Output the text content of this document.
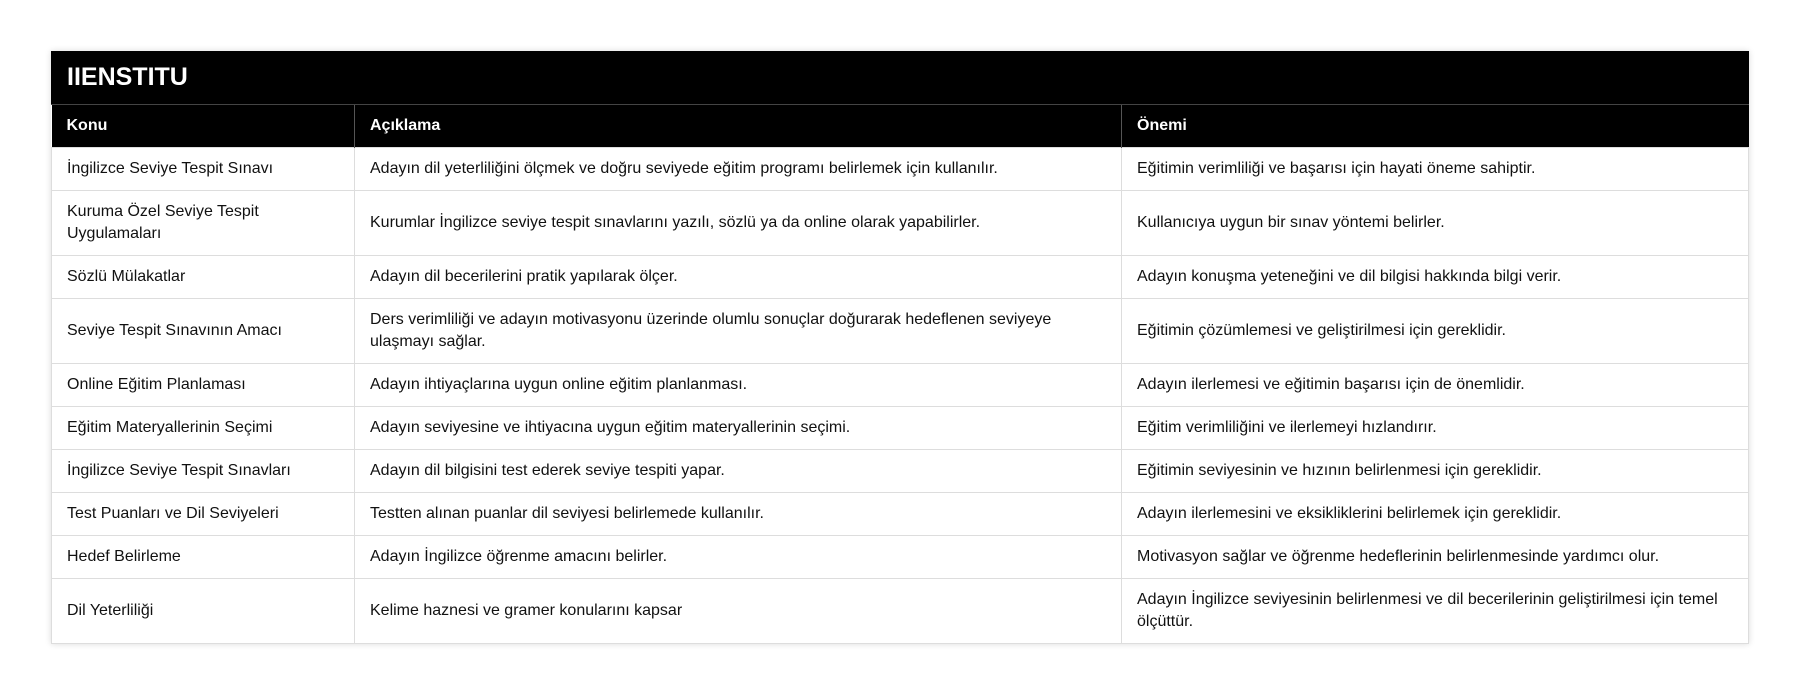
IIENSTITU
Konu	Açıklama	Önemi
İngilizce Seviye Tespit Sınavı	Adayın dil yeterliliğini ölçmek ve doğru seviyede eğitim programı belirlemek için kullanılır.	Eğitimin verimliliği ve başarısı için hayati öneme sahiptir.
Kuruma Özel Seviye Tespit Uygulamaları	Kurumlar İngilizce seviye tespit sınavlarını yazılı, sözlü ya da online olarak yapabilirler.	Kullanıcıya uygun bir sınav yöntemi belirler.
Sözlü Mülakatlar	Adayın dil becerilerini pratik yapılarak ölçer.	Adayın konuşma yeteneğini ve dil bilgisi hakkında bilgi verir.
Seviye Tespit Sınavının Amacı	Ders verimliliği ve adayın motivasyonu üzerinde olumlu sonuçlar doğurarak hedeflenen seviyeye ulaşmayı sağlar.	Eğitimin çözümlemesi ve geliştirilmesi için gereklidir.
Online Eğitim Planlaması	Adayın ihtiyaçlarına uygun online eğitim planlanması.	Adayın ilerlemesi ve eğitimin başarısı için de önemlidir.
Eğitim Materyallerinin Seçimi	Adayın seviyesine ve ihtiyacına uygun eğitim materyallerinin seçimi.	Eğitim verimliliğini ve ilerlemeyi hızlandırır.
İngilizce Seviye Tespit Sınavları	Adayın dil bilgisini test ederek seviye tespiti yapar.	Eğitimin seviyesinin ve hızının belirlenmesi için gereklidir.
Test Puanları ve Dil Seviyeleri	Testten alınan puanlar dil seviyesi belirlemede kullanılır.	Adayın ilerlemesini ve eksikliklerini belirlemek için gereklidir.
Hedef Belirleme	Adayın İngilizce öğrenme amacını belirler.	Motivasyon sağlar ve öğrenme hedeflerinin belirlenmesinde yardımcı olur.
Dil Yeterliliği	Kelime haznesi ve gramer konularını kapsar	Adayın İngilizce seviyesinin belirlenmesi ve dil becerilerinin geliştirilmesi için temel ölçüttür.
